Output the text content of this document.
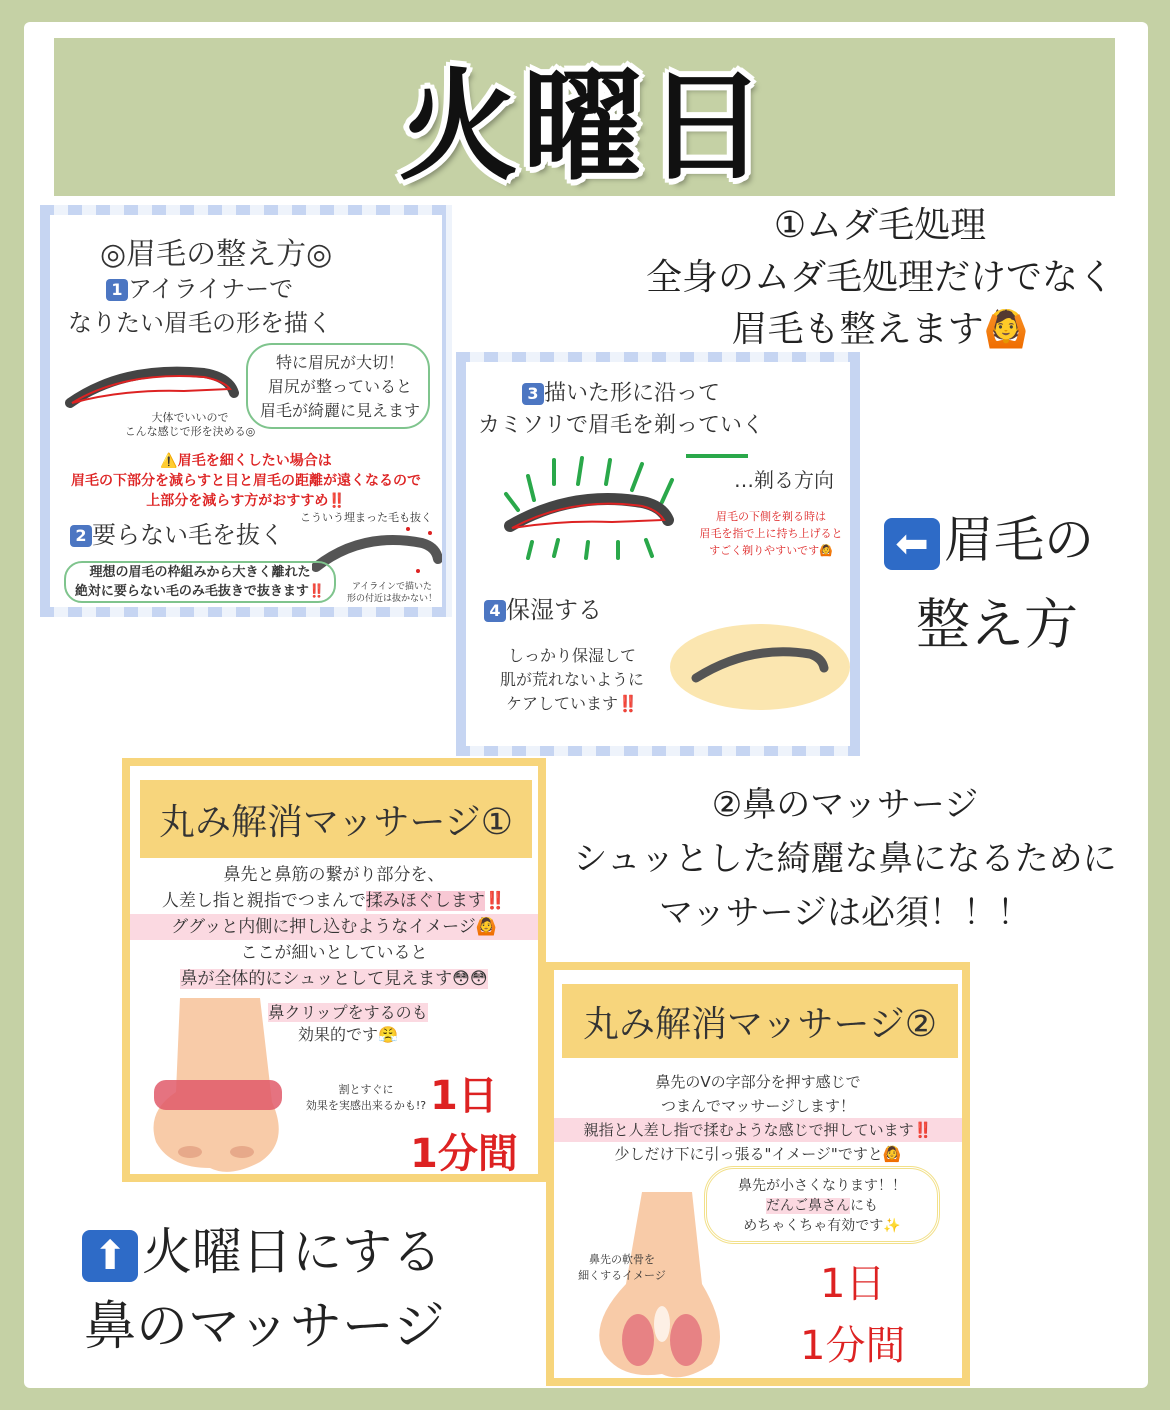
火曜日
①ムダ毛処理
全身のムダ毛処理だけでなく
眉毛も整えます🙆
◎眉毛の整え方◎
1 アイライナーで
なりたい眉毛の形を描く
特に眉尻が大切！
眉尻が整っていると
眉毛が綺麗に見えます
大体でいいので
こんな感じで形を決める◎
⚠️眉毛を細くしたい場合は
眉毛の下部分を減らすと目と眉毛の距離が遠くなるので
上部分を減らす方がおすすめ‼️
2 要らない毛を抜く
こういう埋まった毛も抜く
理想の眉毛の枠組みから大きく離れた
絶対に要らない毛のみ毛抜きで抜きます‼️	アイラインで描いた
形の付近は抜かない！
3 描いた形に沿って
カミソリで眉毛を剃っていく
…剃る方向
眉毛の下側を剃る時は
眉毛を指で上に持ち上げると
すごく剃りやすいです🙆
4 保湿する
しっかり保湿して
肌が荒れないように
ケアしています‼️
⬅ 眉毛の
整え方
②鼻のマッサージ
シュッとした綺麗な鼻になるために
マッサージは必須！！！
丸み解消マッサージ①
鼻先と鼻筋の繋がり部分を、
人差し指と親指でつまんで揉みほぐします‼️
ググッと内側に押し込むようなイメージ🙆
ここが細いとしていると
鼻が全体的にシュッとして見えます😳😳
鼻クリップをするのも
効果的です😤
割とすぐに
効果を実感出来るかも!? 1日
1分間
丸み解消マッサージ②
鼻先のVの字部分を押す感じで
つまんでマッサージします！
親指と人差し指で揉むような感じで押しています‼️
少しだけ下に引っ張る"イメージ"ですと🙆
鼻先が小さくなります！！
だんご鼻さんにも
めちゃくちゃ有効です✨
鼻先の軟骨を
細くするイメージ	1日
1分間
⬆ 火曜日にする
鼻のマッサージ
